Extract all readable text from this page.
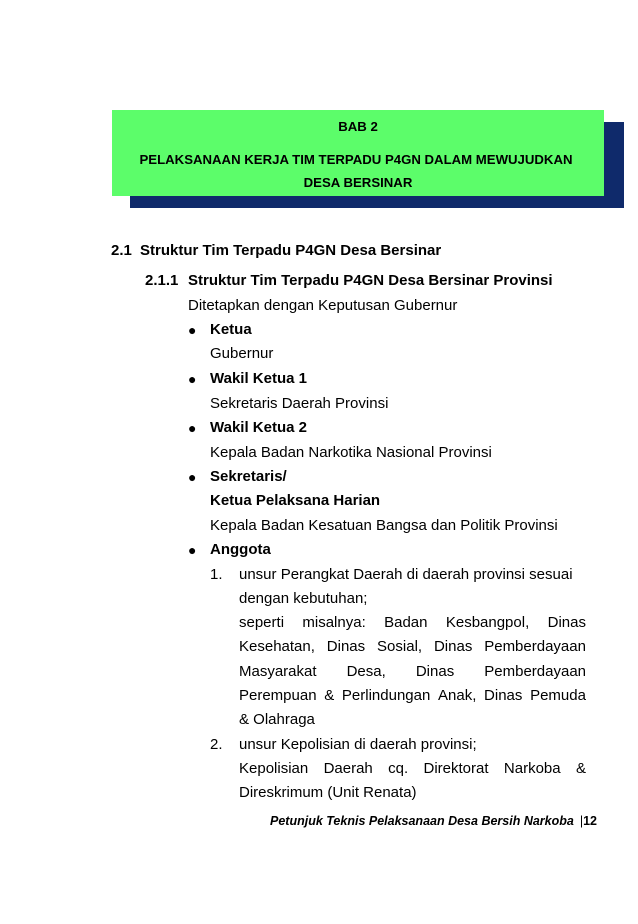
BAB 2
PELAKSANAAN KERJA TIM TERPADU P4GN DALAM MEWUJUDKAN
DESA BERSINAR
2.1 Struktur Tim Terpadu P4GN Desa Bersinar
2.1.1 Struktur Tim Terpadu P4GN Desa Bersinar Provinsi
Ditetapkan dengan Keputusan Gubernur
● Ketua
Gubernur
● Wakil Ketua 1
Sekretaris Daerah Provinsi
● Wakil Ketua 2
Kepala Badan Narkotika Nasional Provinsi
● Sekretaris/
Ketua Pelaksana Harian
Kepala Badan Kesatuan Bangsa dan Politik Provinsi
● Anggota
1. unsur Perangkat Daerah di daerah provinsi sesuai
dengan kebutuhan;
seperti misalnya: Badan Kesbangpol, Dinas
Kesehatan, Dinas Sosial, Dinas Pemberdayaan
Masyarakat Desa, Dinas Pemberdayaan
Perempuan & Perlindungan Anak, Dinas Pemuda
& Olahraga
2. unsur Kepolisian di daerah provinsi;
Kepolisian Daerah cq. Direktorat Narkoba &
Direskrimum (Unit Renata)
Petunjuk Teknis Pelaksanaan Desa Bersih Narkoba |12
